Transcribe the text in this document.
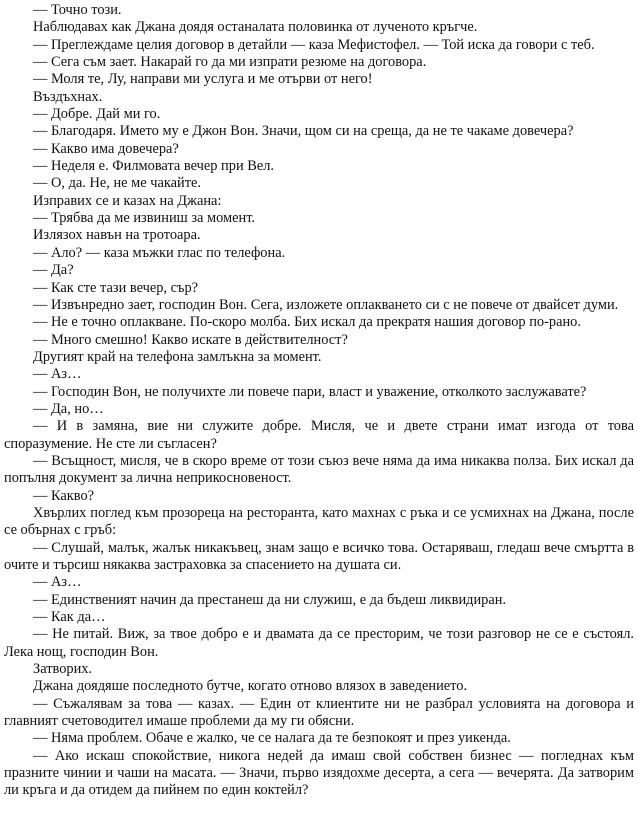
— Точно този.

Наблюдавах как Джана доядя останалата половинка от лученото кръгче.

— Преглеждаме целия договор в детайли — каза Мефистофел. — Той иска да говори с теб.

— Сега съм зает. Накарай го да ми изпрати резюме на договора.

— Моля те, Лу, направи ми услуга и ме отърви от него!

Въздъхнах.

— Добре. Дай ми го.

— Благодаря. Името му е Джон Вон. Значи, щом си на среща, да не те чакаме довечера?

— Какво има довечера?

— Неделя е. Филмовата вечер при Вел.

— О, да. Не, не ме чакайте.

Изправих се и казах на Джана:

— Трябва да ме извиниш за момент.

Излязох навън на тротоара.

— Ало? — каза мъжки глас по телефона.

— Да?

— Как сте тази вечер, сър?

— Извънредно зает, господин Вон. Сега, изложете оплакването си с не повече от двайсет думи.

— Не е точно оплакване. По-скоро молба. Бих искал да прекратя нашия договор по-рано.

— Много смешно! Какво искате в действителност?

Другият край на телефона замлъкна за момент.

— Аз…

— Господин Вон, не получихте ли повече пари, власт и уважение, отколкото заслужавате?

— Да, но…

— И в замяна, вие ни служите добре. Мисля, че и двете страни имат изгода от това споразумение. Не сте ли съгласен?

— Всъщност, мисля, че в скоро време от този съюз вече няма да има никаква полза. Бих искал да попълня документ за лична неприкосновеност.

— Какво?

Хвърлих поглед към прозореца на ресторанта, като махнах с ръка и се усмихнах на Джана, после се обърнах с гръб:

— Слушай, малък, жалък никакъвец, знам защо е всичко това. Остаряваш, гледаш вече смъртта в очите и търсиш някаква застраховка за спасението на душата си.

— Аз…

— Единственият начин да престанеш да ни служиш, е да бъдеш ликвидиран.

— Как да…

— Не питай. Виж, за твое добро е и двамата да се престорим, че този разговор не се е състоял. Лека нощ, господин Вон.

Затворих.

Джана доядяше последното бутче, когато отново влязох в заведението.

— Съжалявам за това — казах. — Един от клиентите ни не разбрал условията на договора и главният счетоводител имаше проблеми да му ги обясни.

— Няма проблем. Обаче е жалко, че се налага да те безпокоят и през уикенда.

— Ако искаш спокойствие, никога недей да имаш свой собствен бизнес — погледнах към празните чинии и чаши на масата. — Значи, първо изядохме десерта, а сега — вечерята. Да затворим ли кръга и да отидем да пийнем по един коктейл?
